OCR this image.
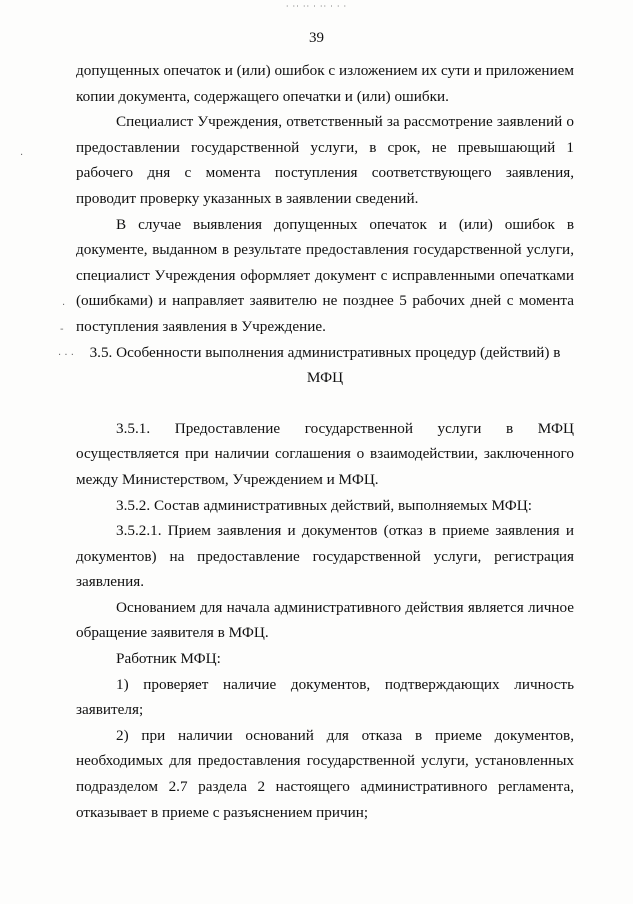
· ·· ·· · ·· · · ·
39
·
·
-
· · ·

допущенных опечаток и (или) ошибок с изложением их сути и приложением копии документа, содержащего опечатки и (или) ошибки.

Специалист Учреждения, ответственный за рассмотрение заявлений о предоставлении государственной услуги, в срок, не превышающий 1 рабочего дня с момента поступления соответствующего заявления, проводит проверку указанных в заявлении сведений.

В случае выявления допущенных опечаток и (или) ошибок в документе, выданном в результате предоставления государственной услуги, специалист Учреждения оформляет документ с исправленными опечатками (ошибками) и направляет заявителю не позднее 5 рабочих дней с момента поступления заявления в Учреждение.

3.5. Особенности выполнения административных процедур (действий) в

МФЦ

3.5.1. Предоставление государственной услуги в МФЦ осуществляется при наличии соглашения о взаимодействии, заключенного между Министерством, Учреждением и МФЦ.

3.5.2. Состав административных действий, выполняемых МФЦ:

3.5.2.1. Прием заявления и документов (отказ в приеме заявления и документов) на предоставление государственной услуги, регистрация заявления.

Основанием для начала административного действия является личное обращение заявителя в МФЦ.

Работник МФЦ:

1) проверяет наличие документов, подтверждающих личность заявителя;

2) при наличии оснований для отказа в приеме документов, необходимых для предоставления государственной услуги, установленных подразделом 2.7 раздела 2 настоящего административного регламента, отказывает в приеме с разъяснением причин;
